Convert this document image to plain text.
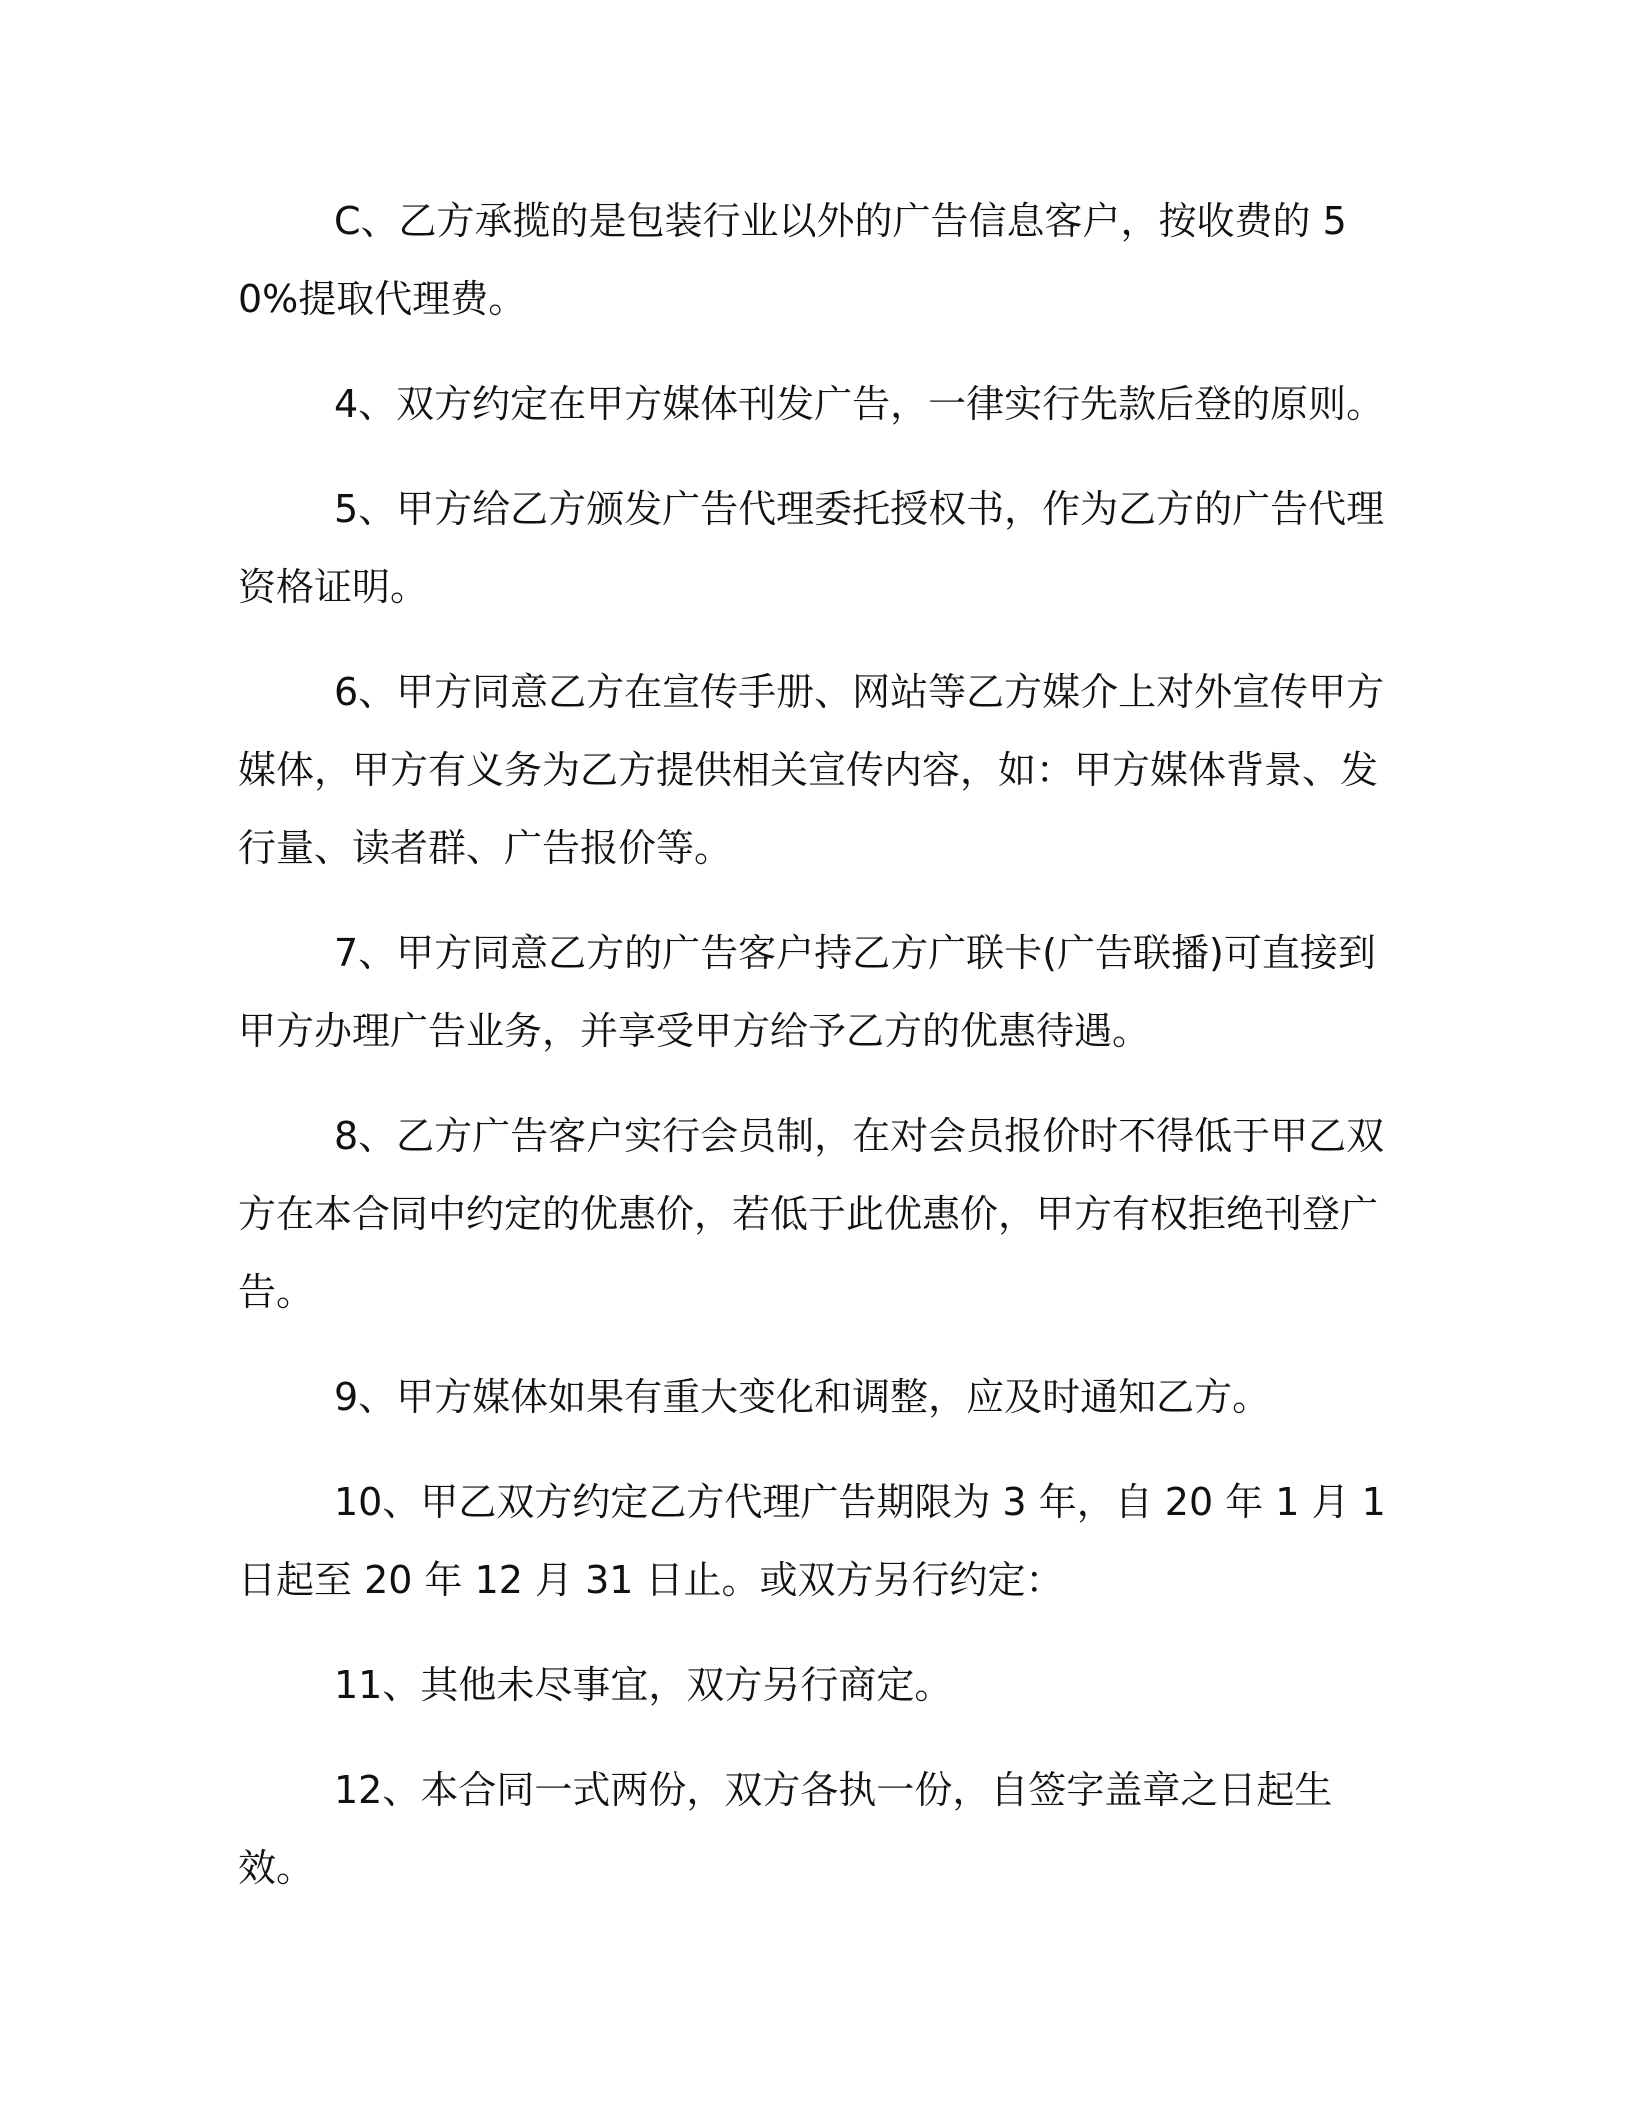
C、乙方承揽的是包装行业以外的广告信息客户，按收费的 50%提取代理费。

4、双方约定在甲方媒体刊发广告，一律实行先款后登的原则。

5、甲方给乙方颁发广告代理委托授权书，作为乙方的广告代理资格证明。

6、甲方同意乙方在宣传手册、网站等乙方媒介上对外宣传甲方媒体，甲方有义务为乙方提供相关宣传内容，如：甲方媒体背景、发行量、读者群、广告报价等。

7、甲方同意乙方的广告客户持乙方广联卡(广告联播)可直接到甲方办理广告业务，并享受甲方给予乙方的优惠待遇。

8、乙方广告客户实行会员制，在对会员报价时不得低于甲乙双方在本合同中约定的优惠价，若低于此优惠价，甲方有权拒绝刊登广告。

9、甲方媒体如果有重大变化和调整，应及时通知乙方。

10、甲乙双方约定乙方代理广告期限为 3 年，自 20 年 1 月 1 日起至 20 年 12 月 31 日止。或双方另行约定：

11、其他未尽事宜，双方另行商定。

12、本合同一式两份，双方各执一份，自签字盖章之日起生效。
